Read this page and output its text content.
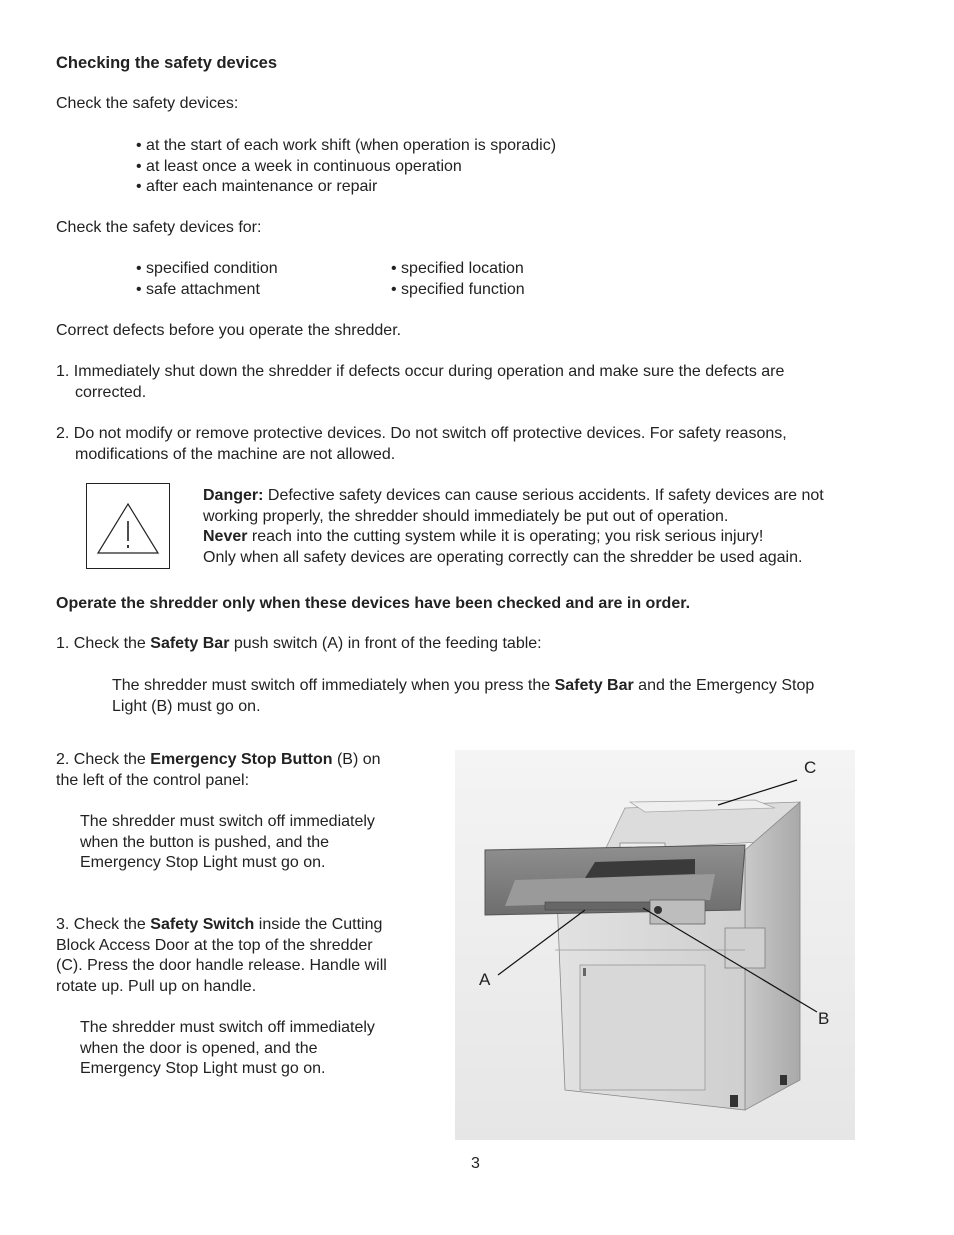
Checking the safety devices

Check the safety devices:

• at the start of each work shift (when operation is sporadic)
• at least once a week in continuous operation
• after each maintenance or repair

Check the safety devices for:

• specified condition
• safe attachment
• specified location
• specified function

Correct defects before you operate the shredder.

1. Immediately shut down the shredder if defects occur during operation and make sure the defects are
corrected.
2. Do not modify or remove protective devices. Do not switch off protective devices. For safety reasons,
modifications of the machine are not allowed.
Danger: Defective safety devices can cause serious accidents. If safety devices are not
working properly, the shredder should immediately be put out of operation.
Never reach into the cutting system while it is operating; you risk serious injury!
Only when all safety devices are operating correctly can the shredder be used again.

Operate the shredder only when these devices have been checked and are in order.

1. Check the Safety Bar push switch (A) in front of the feeding table:

The shredder must switch off immediately when you press the Safety Bar and the Emergency Stop
Light (B) must go on.
2. Check the Emergency Stop Button (B) on
the left of the control panel:
The shredder must switch off immediately
when the button is pushed, and the
Emergency Stop Light must go on.
3. Check the Safety Switch inside the Cutting
Block Access Door at the top of the shredder
(C). Press the door handle release. Handle will
rotate up. Pull up on handle.
The shredder must switch off immediately
when the door is opened, and the
Emergency Stop Light must go on.
C
A
B
3
